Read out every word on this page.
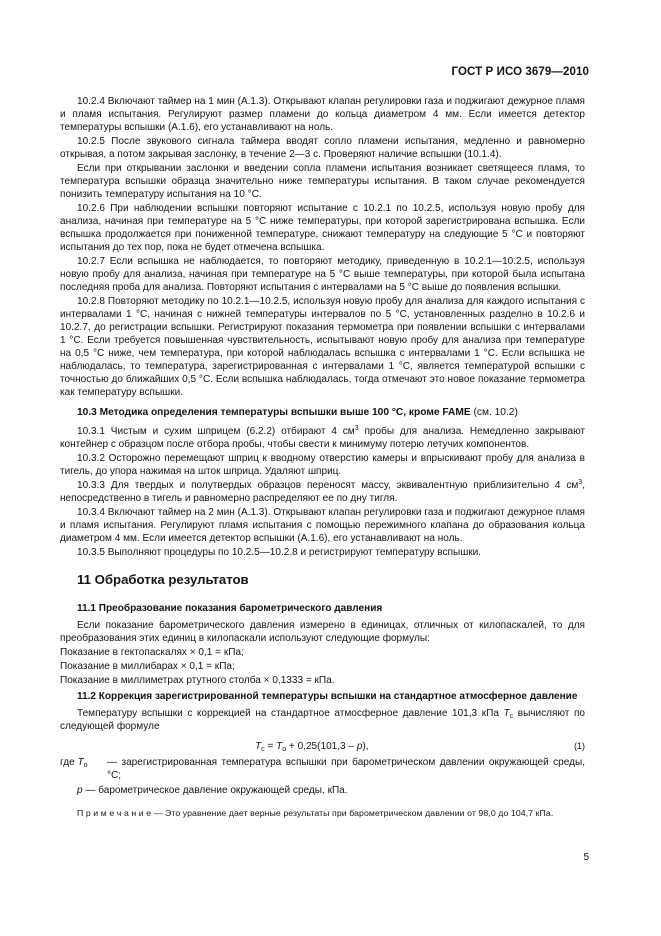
ГОСТ Р ИСО 3679—2010

10.2.4 Включают таймер на 1 мин (А.1.3). Открывают клапан регулировки газа и поджигают дежурное пламя и пламя испытания. Регулируют размер пламени до кольца диаметром 4 мм. Если имеется детектор температуры вспышки (А.1.6), его устанавливают на ноль.

10.2.5 После звукового сигнала таймера вводят сопло пламени испытания, медленно и равномерно открывая, а потом закрывая заслонку, в течение 2—3 с. Проверяют наличие вспышки (10.1.4).

Если при открывании заслонки и введении сопла пламени испытания возникает светящееся пламя, то температура вспышки образца значительно ниже температуры испытания. В таком случае рекомендуется понизить температуру испытания на 10 °С.

10.2.6 При наблюдении вспышки повторяют испытание с 10.2.1 по 10.2.5, используя новую пробу для анализа, начиная при температуре на 5 °С ниже температуры, при которой зарегистрирована вспышка. Если вспышка продолжается при пониженной температуре, снижают температуру на следующие 5 °С и повторяют испытания до тех пор, пока не будет отмечена вспышка.

10.2.7 Если вспышка не наблюдается, то повторяют методику, приведенную в 10.2.1—10.2.5, используя новую пробу для анализа, начиная при температуре на 5 °С выше температуры, при которой была испытана последняя проба для анализа. Повторяют испытания с интервалами на 5 °С выше до появления вспышки.

10.2.8 Повторяют методику по 10.2.1—10.2.5, используя новую пробу для анализа для каждого испытания с интервалами 1 °С, начиная с нижней температуры интервалов по 5 °С, установленных разделно в 10.2.6 и 10.2.7, до регистрации вспышки. Регистрируют показания термометра при появлении вспышки с интервалами 1 °С. Если требуется повышенная чувствительность, испытывают новую пробу для анализа при температуре на 0,5 °С ниже, чем температура, при которой наблюдалась вспышка с интервалами 1 °С. Если вспышка не наблюдалась, то температура, зарегистрированная с интервалами 1 °С, является температурой вспышки с точностью до ближайших 0,5 °С. Если вспышка наблюдалась, тогда отмечают это новое показание термометра как температуру вспышки.

10.3 Методика определения температуры вспышки выше 100 °С, кроме FAME (см. 10.2)

10.3.1 Чистым и сухим шприцем (6.2.2) отбирают 4 $см^3$ пробы для анализа. Немедленно закрывают контейнер с образцом после отбора пробы, чтобы свести к минимуму потерю летучих компонентов.

10.3.2 Осторожно перемещают шприц к вводному отверстию камеры и впрыскивают пробу для анализа в тигель, до упора нажимая на шток шприца. Удаляют шприц.

10.3.3 Для твердых и полутвердых образцов переносят массу, эквивалентную приблизительно 4 $см^3$, непосредственно в тигель и равномерно распределяют ее по дну тигля.

10.3.4 Включают таймер на 2 мин (А.1.3). Открывают клапан регулировки газа и поджигают дежурное пламя и пламя испытания. Регулируют пламя испытания с помощью пережимного клапана до образования кольца диаметром 4 мм. Если имеется детектор вспышки (А.1.6), его устанавливают на ноль.

10.3.5 Выполняют процедуры по 10.2.5—10.2.8 и регистрируют температуру вспышки.

11 Обработка результатов

11.1 Преобразование показания барометрического давления

Если показание барометрического давления измерено в единицах, отличных от килопаскалей, то для преобразования этих единиц в килопаскали используют следующие формулы:

Показание в гектопаскалях × 0,1 = кПа;

Показание в миллибарах × 0,1 = кПа;

Показание в миллиметрах ртутного столба × 0,1333 = кПа.

11.2 Коррекция зарегистрированной температуры вспышки на стандартное атмосферное давление

Температуру вспышки с коррекцией на стандартное атмосферное давление 101,3 кПа $T_c$ вычисляют по следующей формуле

$T_c = T_o + 0,25(101,3 - p)$,	(1)

где $T_o$ — зарегистрированная температура вспышки при барометрическом давлении окружающей среды, °С;

p — барометрическое давление окружающей среды, кПа.

П р и м е ч а н и е — Это уравнение дает верные результаты при барометрическом давлении от 98,0 до 104,7 кПа.

5
